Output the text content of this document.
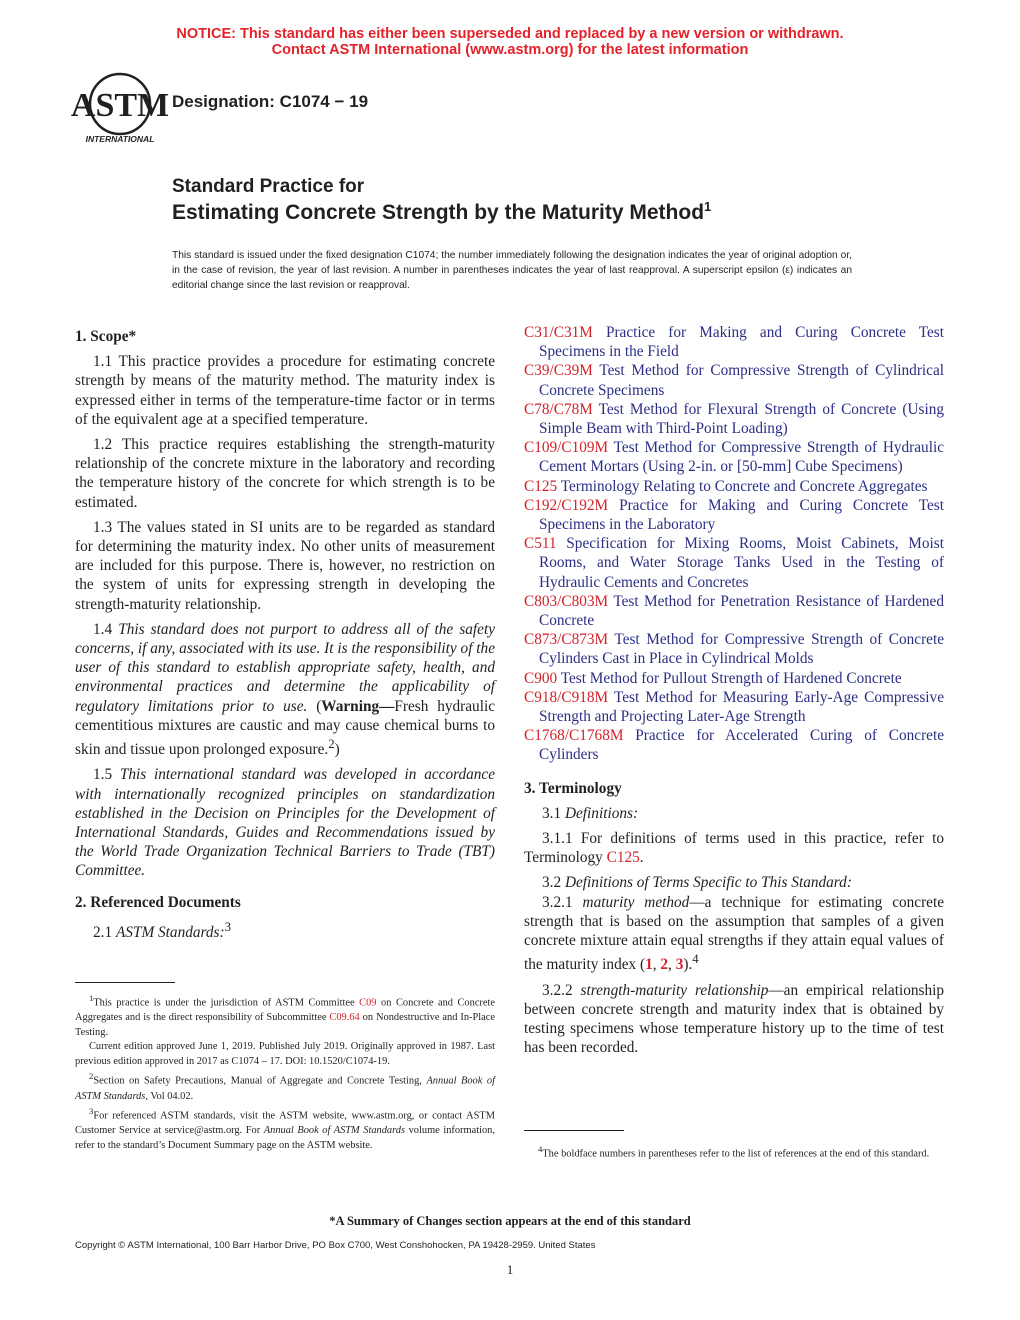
NOTICE: This standard has either been superseded and replaced by a new version or withdrawn.
Contact ASTM International (www.astm.org) for the latest information
ASTM
INTERNATIONAL
Designation: C1074 − 19
Standard Practice for
Estimating Concrete Strength by the Maturity Method$^1$
This standard is issued under the fixed designation C1074; the number immediately following the designation indicates the year of original adoption or, in the case of revision, the year of last revision. A number in parentheses indicates the year of last reapproval. A superscript epsilon (ε) indicates an editorial change since the last revision or reapproval.
1. Scope*
1.1 This practice provides a procedure for estimating concrete strength by means of the maturity method. The maturity index is expressed either in terms of the temperature-time factor or in terms of the equivalent age at a specified temperature.
1.2 This practice requires establishing the strength-maturity relationship of the concrete mixture in the laboratory and recording the temperature history of the concrete for which strength is to be estimated.
1.3 The values stated in SI units are to be regarded as standard for determining the maturity index. No other units of measurement are included for this purpose. There is, however, no restriction on the system of units for expressing strength in developing the strength-maturity relationship.
1.4 This standard does not purport to address all of the safety concerns, if any, associated with its use. It is the responsibility of the user of this standard to establish appropriate safety, health, and environmental practices and determine the applicability of regulatory limitations prior to use. (Warning—Fresh hydraulic cementitious mixtures are caustic and may cause chemical burns to skin and tissue upon prolonged exposure.$^2$)
1.5 This international standard was developed in accordance with internationally recognized principles on standardization established in the Decision on Principles for the Development of International Standards, Guides and Recommendations issued by the World Trade Organization Technical Barriers to Trade (TBT) Committee.
2. Referenced Documents
2.1 ASTM Standards:$^3$
$^1$This practice is under the jurisdiction of ASTM Committee C09 on Concrete and Concrete Aggregates and is the direct responsibility of Subcommittee C09.64 on Nondestructive and In-Place Testing.
Current edition approved June 1, 2019. Published July 2019. Originally approved in 1987. Last previous edition approved in 2017 as C1074 – 17. DOI: 10.1520/C1074-19.
$^2$Section on Safety Precautions, Manual of Aggregate and Concrete Testing, Annual Book of ASTM Standards, Vol 04.02.
$^3$For referenced ASTM standards, visit the ASTM website, www.astm.org, or contact ASTM Customer Service at service@astm.org. For Annual Book of ASTM Standards volume information, refer to the standard’s Document Summary page on the ASTM website.
C31/C31M Practice for Making and Curing Concrete Test Specimens in the Field
C39/C39M Test Method for Compressive Strength of Cylindrical Concrete Specimens
C78/C78M Test Method for Flexural Strength of Concrete (Using Simple Beam with Third-Point Loading)
C109/C109M Test Method for Compressive Strength of Hydraulic Cement Mortars (Using 2-in. or [50-mm] Cube Specimens)
C125 Terminology Relating to Concrete and Concrete Aggregates
C192/C192M Practice for Making and Curing Concrete Test Specimens in the Laboratory
C511 Specification for Mixing Rooms, Moist Cabinets, Moist Rooms, and Water Storage Tanks Used in the Testing of Hydraulic Cements and Concretes
C803/C803M Test Method for Penetration Resistance of Hardened Concrete
C873/C873M Test Method for Compressive Strength of Concrete Cylinders Cast in Place in Cylindrical Molds
C900 Test Method for Pullout Strength of Hardened Concrete
C918/C918M Test Method for Measuring Early-Age Compressive Strength and Projecting Later-Age Strength
C1768/C1768M Practice for Accelerated Curing of Concrete Cylinders
3. Terminology
3.1 Definitions:
3.1.1 For definitions of terms used in this practice, refer to Terminology C125.
3.2 Definitions of Terms Specific to This Standard:
3.2.1 maturity method—a technique for estimating concrete strength that is based on the assumption that samples of a given concrete mixture attain equal strengths if they attain equal values of the maturity index (1, 2, 3).$^4$
3.2.2 strength-maturity relationship—an empirical relationship between concrete strength and maturity index that is obtained by testing specimens whose temperature history up to the time of test has been recorded.
$^4$The boldface numbers in parentheses refer to the list of references at the end of this standard.
*A Summary of Changes section appears at the end of this standard
Copyright © ASTM International, 100 Barr Harbor Drive, PO Box C700, West Conshohocken, PA 19428-2959. United States
1
